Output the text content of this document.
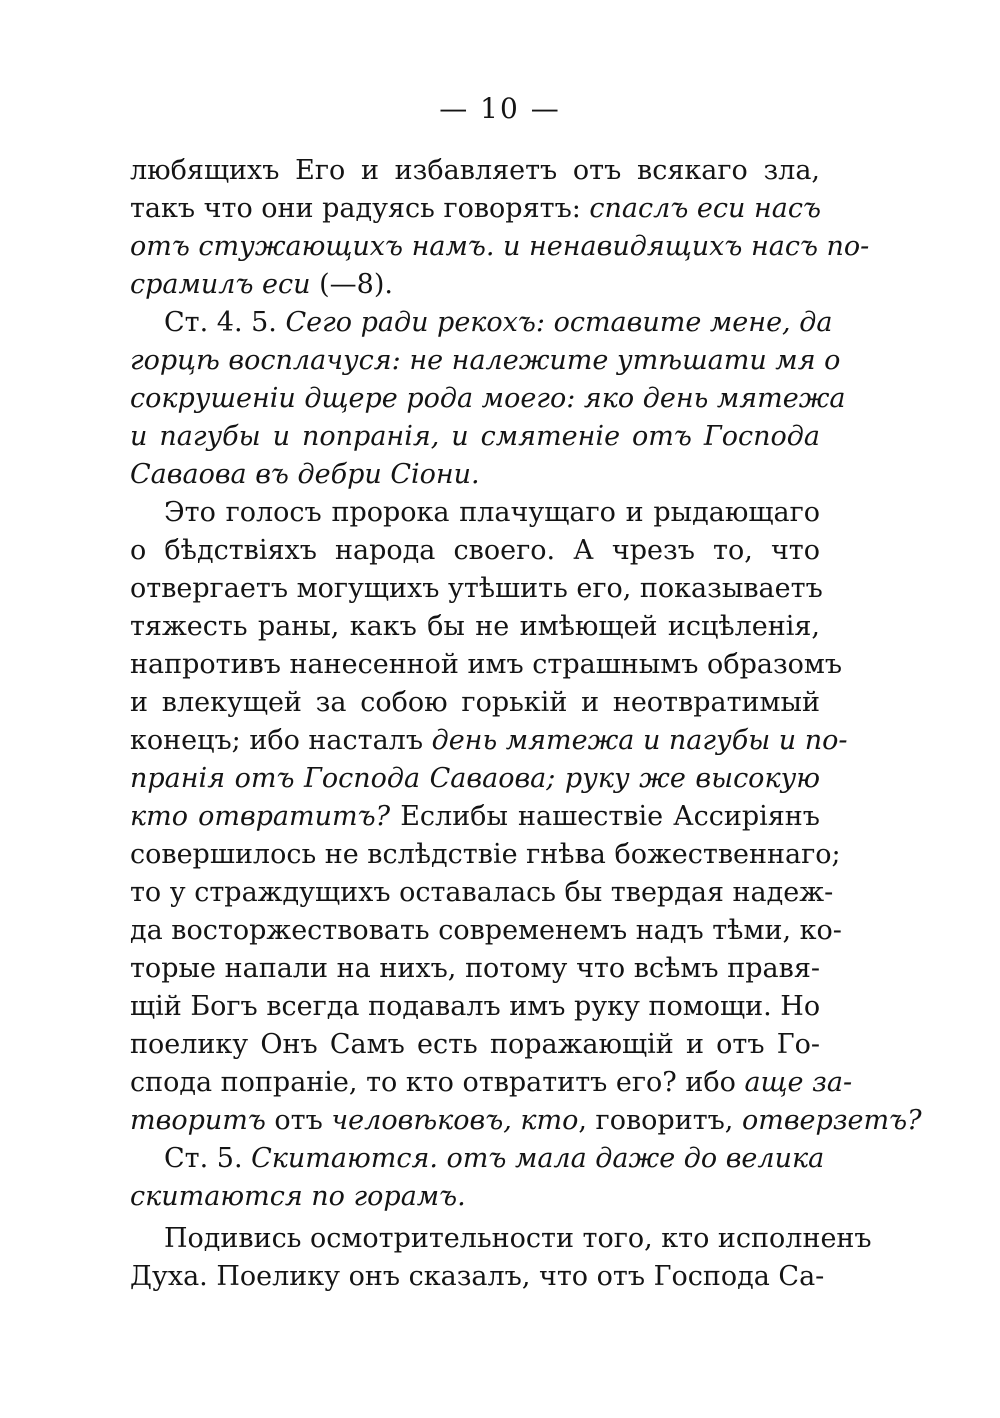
— 10 —
любящихъ Его и избавляетъ отъ всякаго зла,
такъ что они радуясь говорятъ: спаслъ еси насъ
отъ стужающихъ намъ. и ненавидящихъ насъ по-
срамилъ еси (—8).
Ст. 4. 5. Сего ради рекохъ: оставите мене, да
горцѣ восплачуся: не належите утѣшати мя о
сокрушеніи дщере рода моего: яко день мятежа
и пагубы и попранія, и смятеніе отъ Господа
Саваова въ дебри Сіони.
Это голосъ пророка плачущаго и рыдающаго
о бѣдствіяхъ народа своего. А чрезъ то, что
отвергаетъ могущихъ утѣшить его, показываетъ
тяжесть раны, какъ бы не имѣющей исцѣленія,
напротивъ нанесенной имъ страшнымъ образомъ
и влекущей за собою горькій и неотвратимый
конецъ; ибо насталъ день мятежа и пагубы и по-
пранія отъ Господа Саваова; руку же высокую
кто отвратитъ? Еслибы нашествіе Ассиріянъ
совершилось не вслѣдствіе гнѣва божественнаго;
то у страждущихъ оставалась бы твердая надеж-
да восторжествовать современемъ надъ тѣми, ко-
торые напали на нихъ, потому что всѣмъ правя-
щій Богъ всегда подавалъ имъ руку помощи. Но
поелику Онъ Самъ есть поражающій и отъ Го-
спода попраніе, то кто отвратитъ его? ибо аще за-
творитъ отъ человѣковъ, кто, говоритъ, отверзетъ?
Ст. 5. Скитаются. отъ мала даже до велика
скитаются по горамъ.
Подивись осмотрительности того, кто исполненъ
Духа. Поелику онъ сказалъ, что отъ Господа Са-
